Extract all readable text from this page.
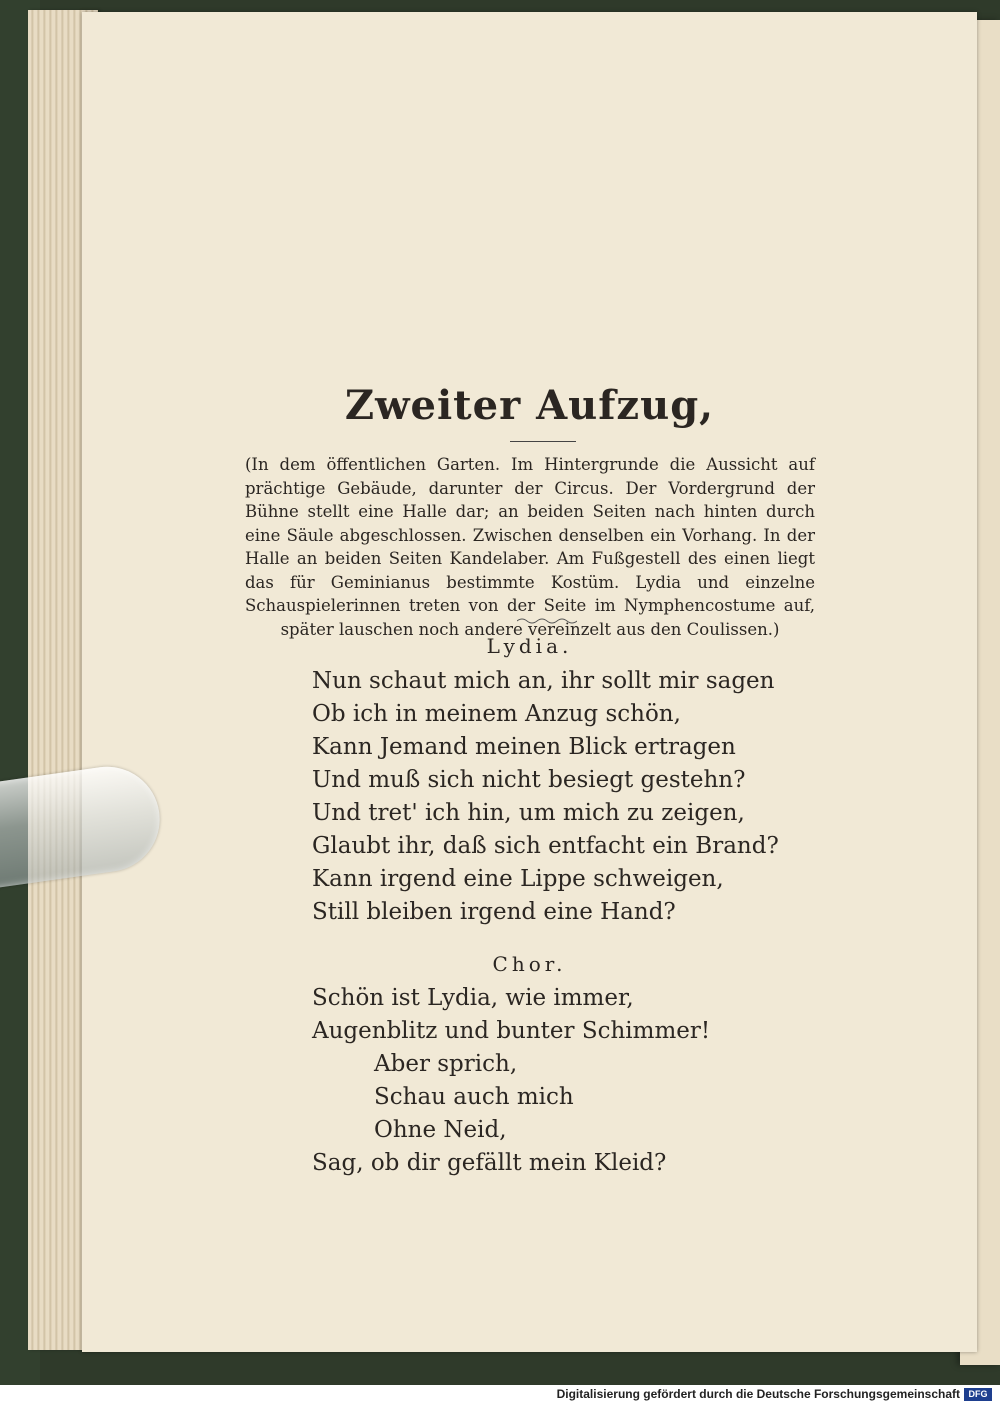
Zweiter Aufzug,
(In dem öffentlichen Garten. Im Hintergrunde die Aussicht auf prächtige Gebäude, darunter der Circus. Der Vordergrund der Bühne stellt eine Halle dar; an beiden Seiten nach hinten durch eine Säule abgeschlossen. Zwischen denselben ein Vorhang. In der Halle an beiden Seiten Kandelaber. Am Fußgestell des einen liegt das für Geminianus bestimmte Kostüm. Lydia und einzelne Schauspielerinnen treten von der Seite im Nymphencostume auf, später lauschen noch andere vereinzelt aus den Coulissen.)
Lydia.
Nun schaut mich an, ihr sollt mir sagen
Ob ich in meinem Anzug schön,
Kann Jemand meinen Blick ertragen
Und muß sich nicht besiegt gestehn?
Und tret' ich hin, um mich zu zeigen,
Glaubt ihr, daß sich entfacht ein Brand?
Kann irgend eine Lippe schweigen,
Still bleiben irgend eine Hand?
Chor.
Schön ist Lydia, wie immer,
Augenblitz und bunter Schimmer!
Aber sprich,
Schau auch mich
Ohne Neid,
Sag, ob dir gefällt mein Kleid?
Digitalisierung gefördert durch die Deutsche Forschungsgemeinschaft DFG
